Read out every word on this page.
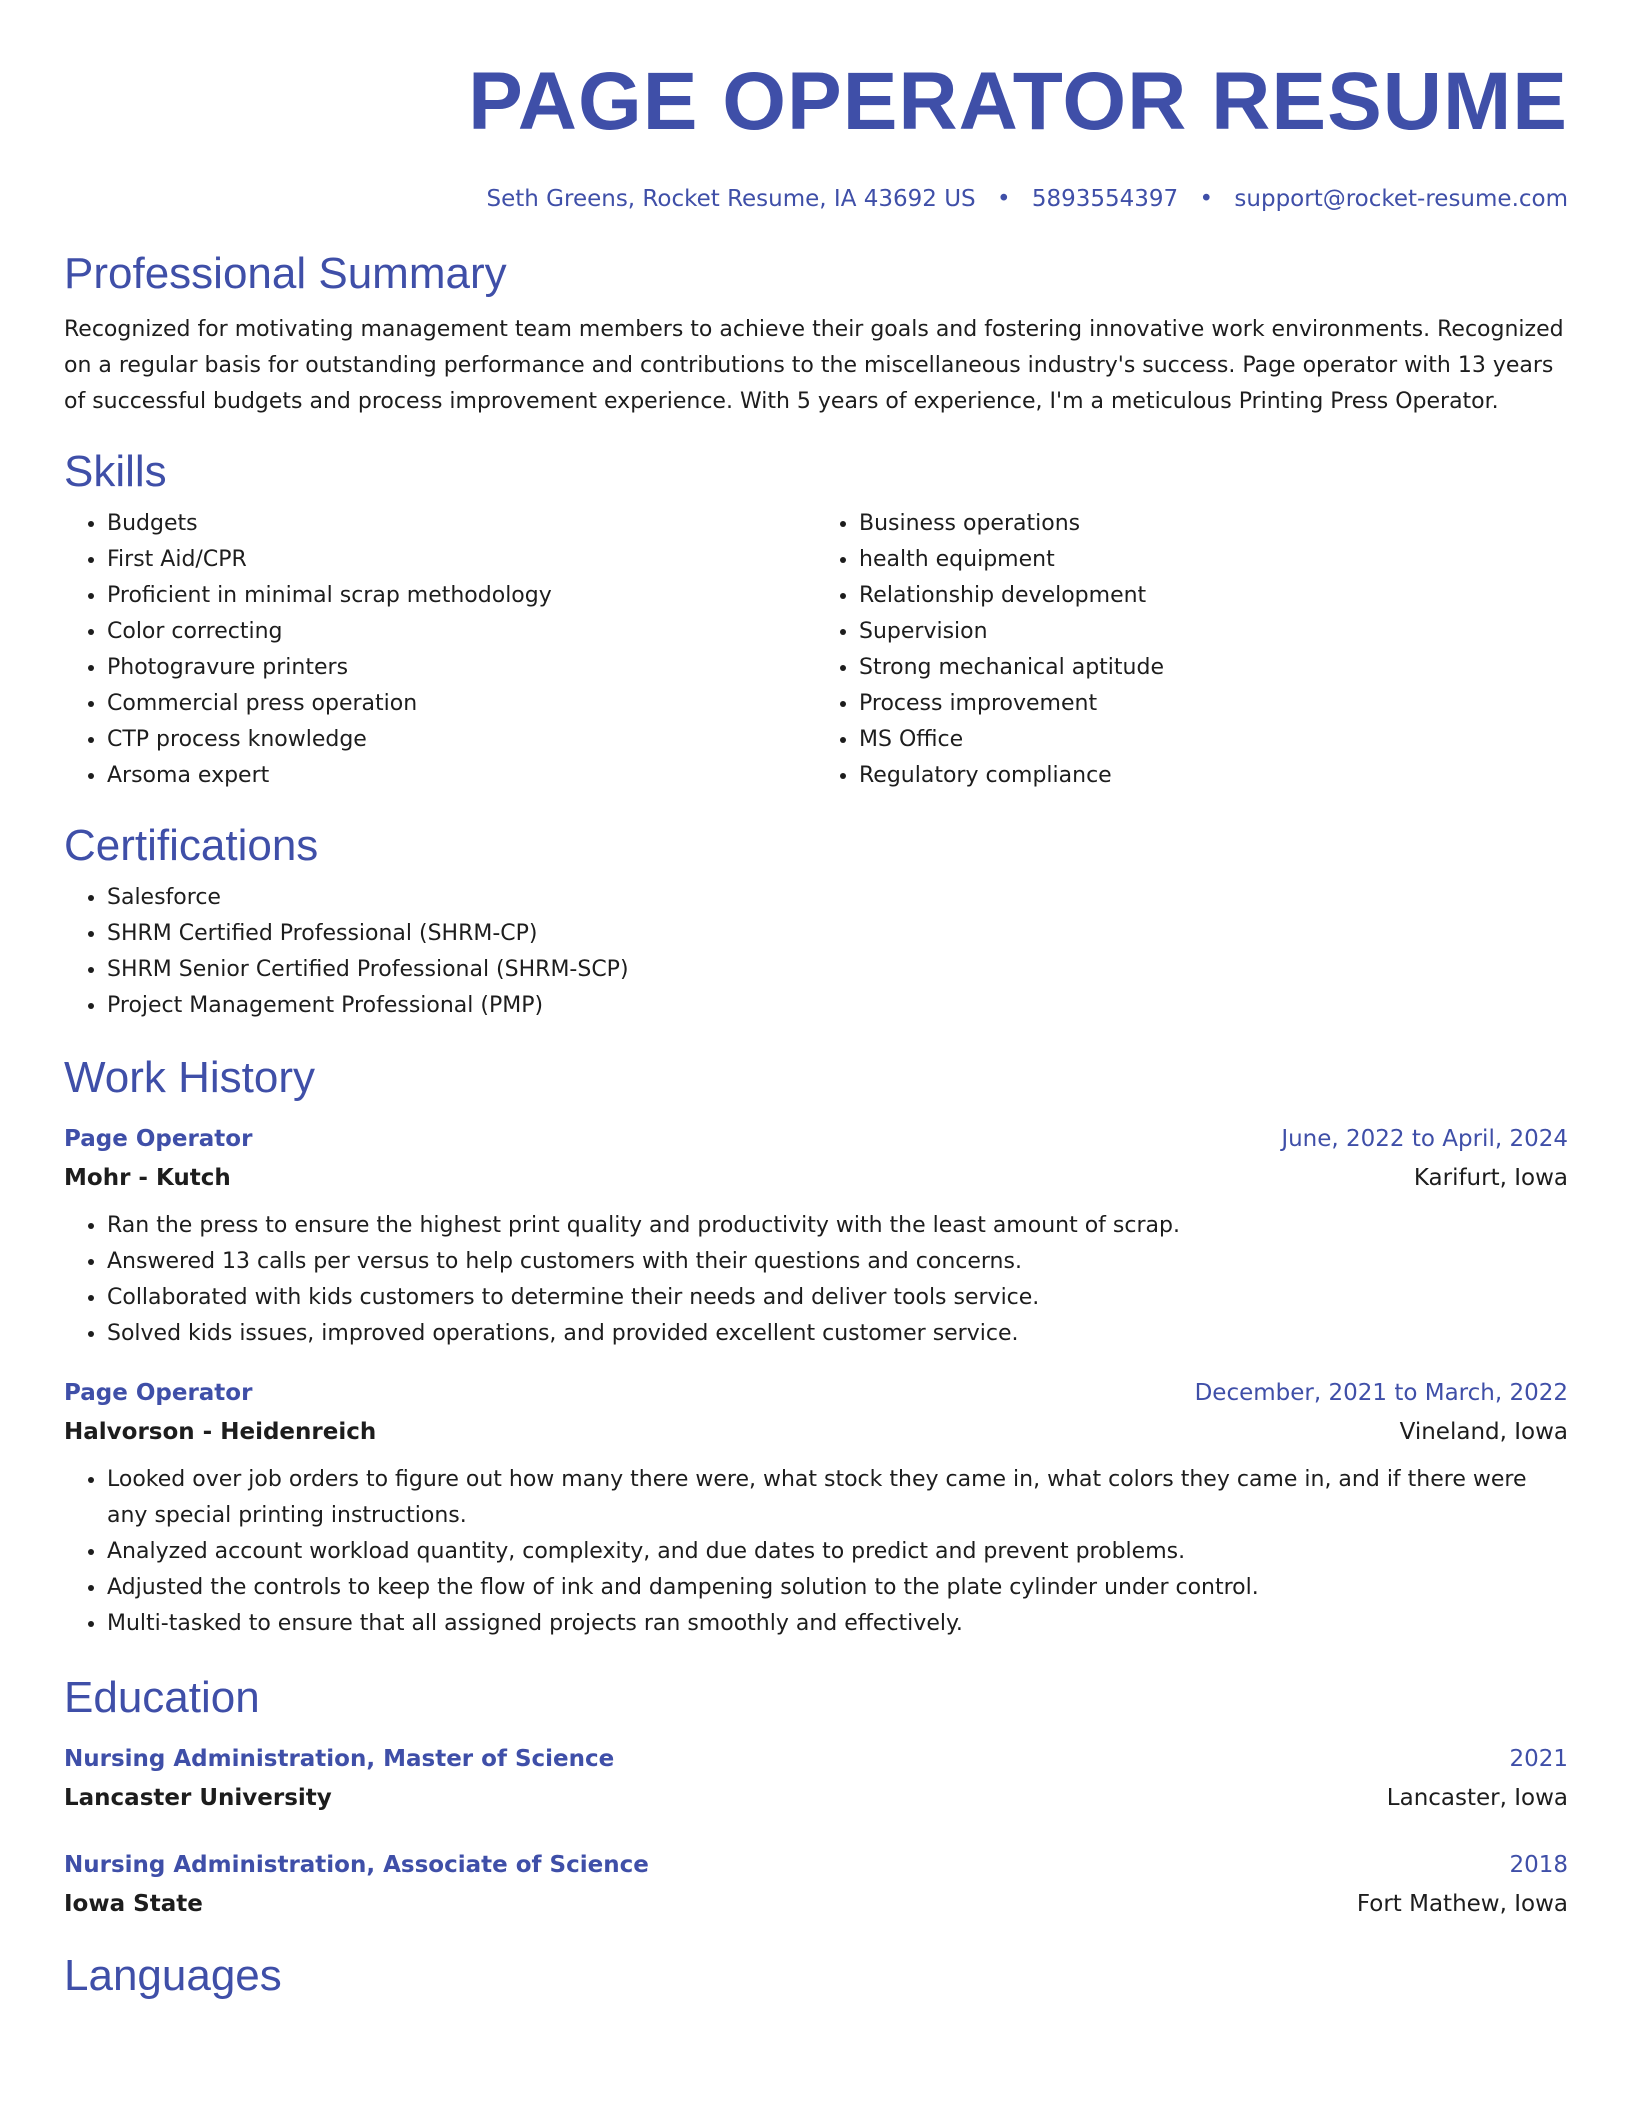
PAGE OPERATOR RESUME
Seth Greens, Rocket Resume, IA 43692 US • 5893554397 • support@rocket-resume.com
Professional Summary
Recognized for motivating management team members to achieve their goals and fostering innovative work environments. Recognized on a regular basis for outstanding performance and contributions to the miscellaneous industry's success. Page operator with 13 years of successful budgets and process improvement experience. With 5 years of experience, I'm a meticulous Printing Press Operator.
Skills
• Budgets
• First Aid/CPR
• Proficient in minimal scrap methodology
• Color correcting
• Photogravure printers
• Commercial press operation
• CTP process knowledge
• Arsoma expert
• Business operations
• health equipment
• Relationship development
• Supervision
• Strong mechanical aptitude
• Process improvement
• MS Office
• Regulatory compliance
Certifications
• Salesforce
• SHRM Certified Professional (SHRM-CP)
• SHRM Senior Certified Professional (SHRM-SCP)
• Project Management Professional (PMP)
Work History
Page Operator	June, 2022 to April, 2024
Mohr - Kutch	Karifurt, Iowa
• Ran the press to ensure the highest print quality and productivity with the least amount of scrap.
• Answered 13 calls per versus to help customers with their questions and concerns.
• Collaborated with kids customers to determine their needs and deliver tools service.
• Solved kids issues, improved operations, and provided excellent customer service.
Page Operator	December, 2021 to March, 2022
Halvorson - Heidenreich	Vineland, Iowa
• Looked over job orders to figure out how many there were, what stock they came in, what colors they came in, and if there were any special printing instructions.
• Analyzed account workload quantity, complexity, and due dates to predict and prevent problems.
• Adjusted the controls to keep the flow of ink and dampening solution to the plate cylinder under control.
• Multi-tasked to ensure that all assigned projects ran smoothly and effectively.
Education
Nursing Administration, Master of Science	2021
Lancaster University	Lancaster, Iowa
Nursing Administration, Associate of Science	2018
Iowa State	Fort Mathew, Iowa
Languages
